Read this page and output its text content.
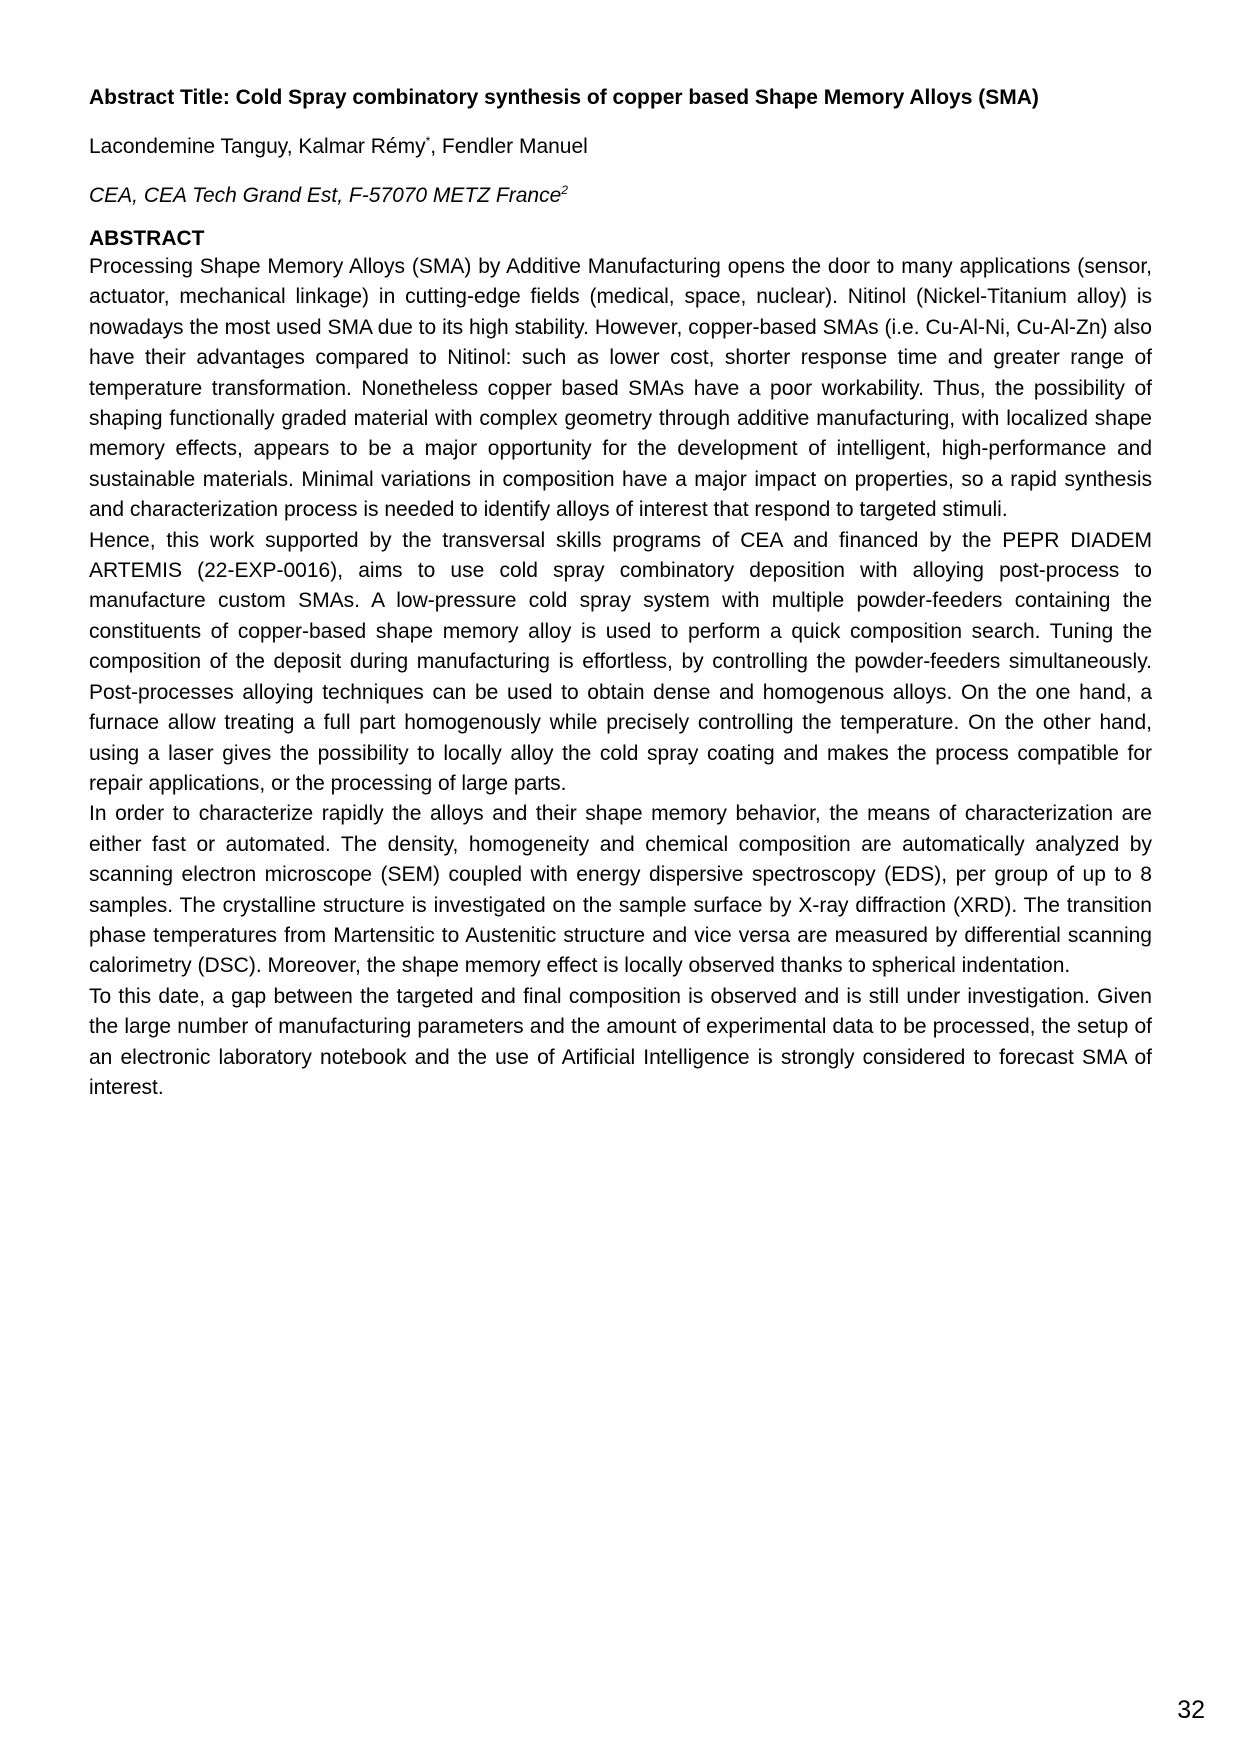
Abstract Title: Cold Spray combinatory synthesis of copper based Shape Memory Alloys (SMA)

Lacondemine Tanguy, Kalmar Rémy*, Fendler Manuel

CEA, CEA Tech Grand Est, F-57070 METZ France$^2$

ABSTRACT

Processing Shape Memory Alloys (SMA) by Additive Manufacturing opens the door to many applications (sensor, actuator, mechanical linkage) in cutting-edge fields (medical, space, nuclear). Nitinol (Nickel-Titanium alloy) is nowadays the most used SMA due to its high stability. However, copper-based SMAs (i.e. Cu-Al-Ni, Cu-Al-Zn) also have their advantages compared to Nitinol: such as lower cost, shorter response time and greater range of temperature transformation. Nonetheless copper based SMAs have a poor workability. Thus, the possibility of shaping functionally graded material with complex geometry through additive manufacturing, with localized shape memory effects, appears to be a major opportunity for the development of intelligent, high-performance and sustainable materials. Minimal variations in composition have a major impact on properties, so a rapid synthesis and characterization process is needed to identify alloys of interest that respond to targeted stimuli.

Hence, this work supported by the transversal skills programs of CEA and financed by the PEPR DIADEM ARTEMIS (22-EXP-0016), aims to use cold spray combinatory deposition with alloying post-process to manufacture custom SMAs. A low-pressure cold spray system with multiple powder-feeders containing the constituents of copper-based shape memory alloy is used to perform a quick composition search. Tuning the composition of the deposit during manufacturing is effortless, by controlling the powder-feeders simultaneously. Post-processes alloying techniques can be used to obtain dense and homogenous alloys. On the one hand, a furnace allow treating a full part homogenously while precisely controlling the temperature. On the other hand, using a laser gives the possibility to locally alloy the cold spray coating and makes the process compatible for repair applications, or the processing of large parts.

In order to characterize rapidly the alloys and their shape memory behavior, the means of characterization are either fast or automated. The density, homogeneity and chemical composition are automatically analyzed by scanning electron microscope (SEM) coupled with energy dispersive spectroscopy (EDS), per group of up to 8 samples. The crystalline structure is investigated on the sample surface by X-ray diffraction (XRD). The transition phase temperatures from Martensitic to Austenitic structure and vice versa are measured by differential scanning calorimetry (DSC). Moreover, the shape memory effect is locally observed thanks to spherical indentation.

To this date, a gap between the targeted and final composition is observed and is still under investigation. Given the large number of manufacturing parameters and the amount of experimental data to be processed, the setup of an electronic laboratory notebook and the use of Artificial Intelligence is strongly considered to forecast SMA of interest.

32
